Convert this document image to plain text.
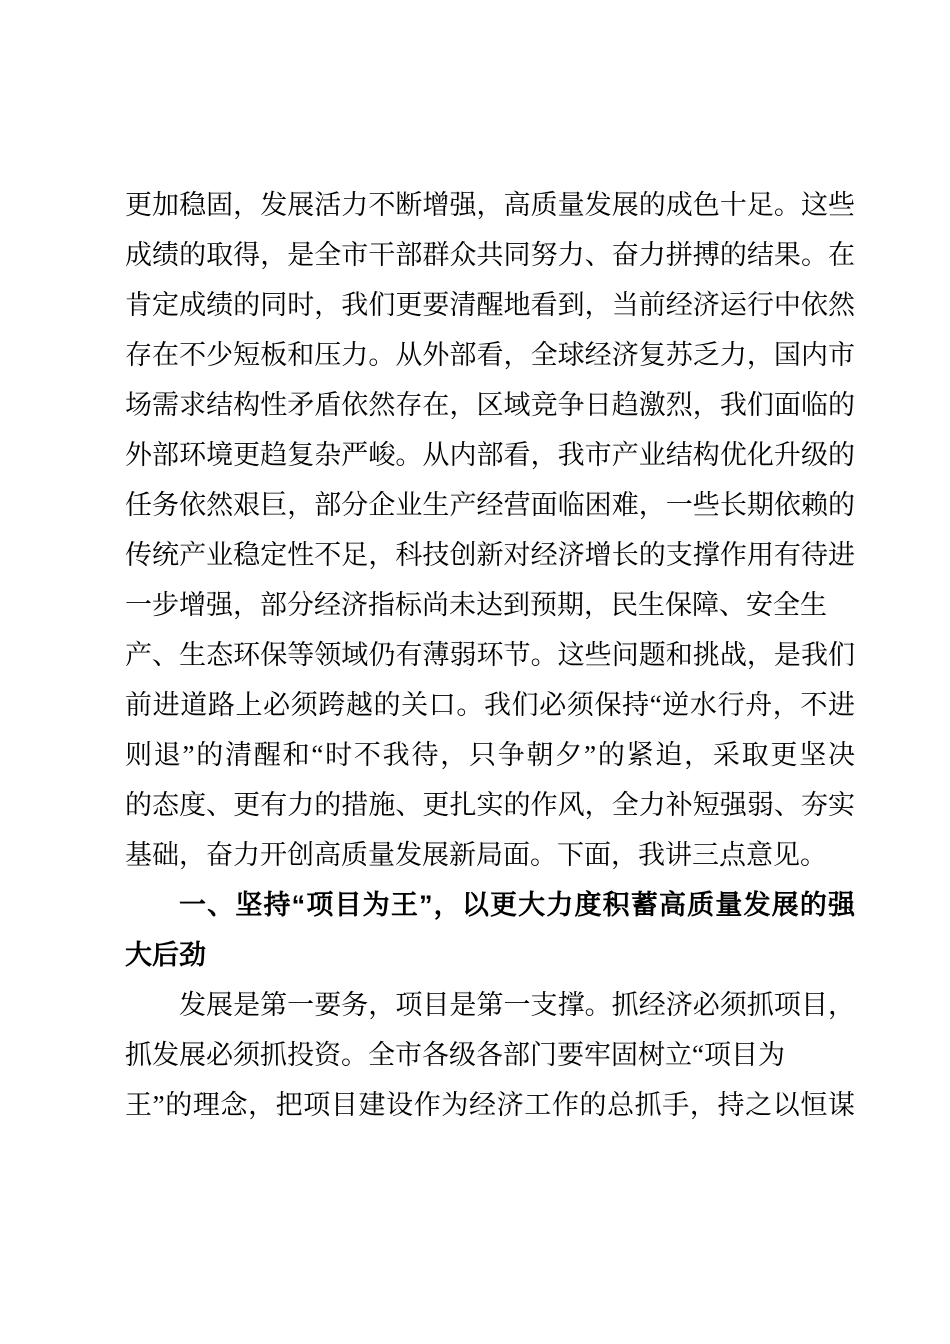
更加稳固，发展活力不断增强，高质量发展的成色十足。这些
成绩的取得，是全市干部群众共同努力、奋力拼搏的结果。在
肯定成绩的同时，我们更要清醒地看到，当前经济运行中依然
存在不少短板和压力。从外部看，全球经济复苏乏力，国内市
场需求结构性矛盾依然存在，区域竞争日趋激烈，我们面临的
外部环境更趋复杂严峻。从内部看，我市产业结构优化升级的
任务依然艰巨，部分企业生产经营面临困难，一些长期依赖的
传统产业稳定性不足，科技创新对经济增长的支撑作用有待进
一步增强，部分经济指标尚未达到预期，民生保障、安全生
产、生态环保等领域仍有薄弱环节。这些问题和挑战，是我们
前进道路上必须跨越的关口。我们必须保持“逆水行舟，不进
则退”的清醒和“时不我待，只争朝夕”的紧迫，采取更坚决
的态度、更有力的措施、更扎实的作风，全力补短强弱、夯实
基础，奋力开创高质量发展新局面。下面，我讲三点意见。
一、坚持“项目为王”，以更大力度积蓄高质量发展的强
大后劲
发展是第一要务，项目是第一支撑。抓经济必须抓项目，
抓发展必须抓投资。全市各级各部门要牢固树立“项目为
王”的理念，把项目建设作为经济工作的总抓手，持之以恒谋
